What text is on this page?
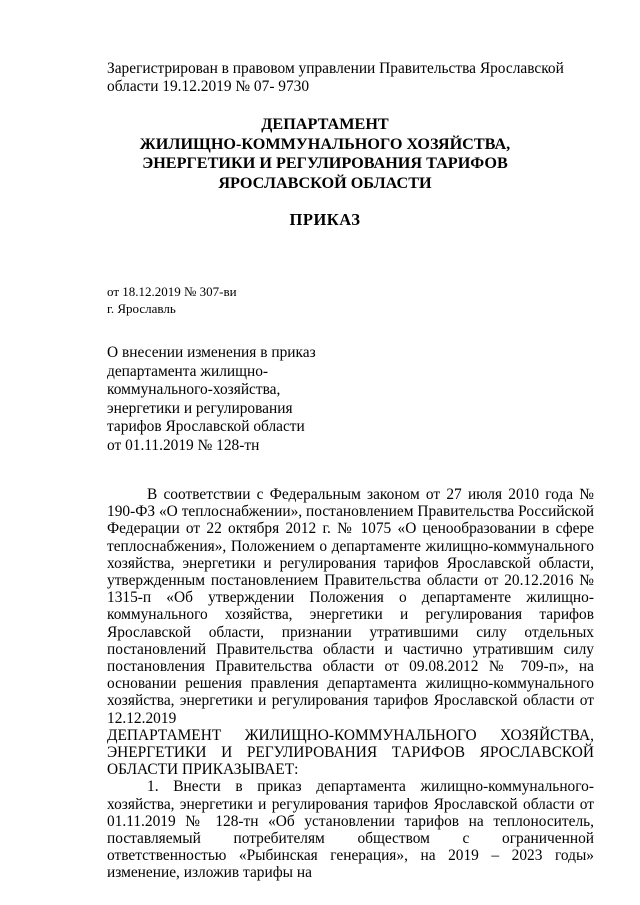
Зарегистрирован в правовом управлении Правительства Ярославской
области 19.12.2019 № 07- 9730
ДЕПАРТАМЕНТ
ЖИЛИЩНО-КОММУНАЛЬНОГО ХОЗЯЙСТВА,
ЭНЕРГЕТИКИ И РЕГУЛИРОВАНИЯ ТАРИФОВ
ЯРОСЛАВСКОЙ ОБЛАСТИ
ПРИКАЗ
от 18.12.2019 № 307-ви
г. Ярославль
О внесении изменения в приказ
департамента жилищно-
коммунального-хозяйства,
энергетики и регулирования
тарифов Ярославской области
от 01.11.2019 № 128-тн

В соответствии с Федеральным законом от 27 июля 2010 года № 190-ФЗ «О теплоснабжении», постановлением Правительства Российской Федерации от 22 октября 2012 г. № 1075 «О ценообразовании в сфере теплоснабжения», Положением о департаменте жилищно-коммунального хозяйства, энергетики и регулирования тарифов Ярославской области, утвержденным постановлением Правительства области от 20.12.2016 № 1315-п «Об утверждении Положения о департаменте жилищно-коммунального хозяйства, энергетики и регулирования тарифов Ярославской области, признании утратившими силу отдельных постановлений Правительства области и частично утратившим силу постановления Правительства области от 09.08.2012 № 709-п», на основании решения правления департамента жилищно-коммунального хозяйства, энергетики и регулирования тарифов Ярославской области от 12.12.2019

ДЕПАРТАМЕНТ ЖИЛИЩНО-КОММУНАЛЬНОГО ХОЗЯЙСТВА,

ЭНЕРГЕТИКИ И РЕГУЛИРОВАНИЯ ТАРИФОВ ЯРОСЛАВСКОЙ

ОБЛАСТИ ПРИКАЗЫВАЕТ:

1. Внести в приказ департамента жилищно-коммунального-хозяйства, энергетики и регулирования тарифов Ярославской области от 01.11.2019 № 128-тн «Об установлении тарифов на теплоноситель, поставляемый потребителям обществом с ограниченной ответственностью «Рыбинская генерация», на 2019 – 2023 годы» изменение, изложив тарифы на
